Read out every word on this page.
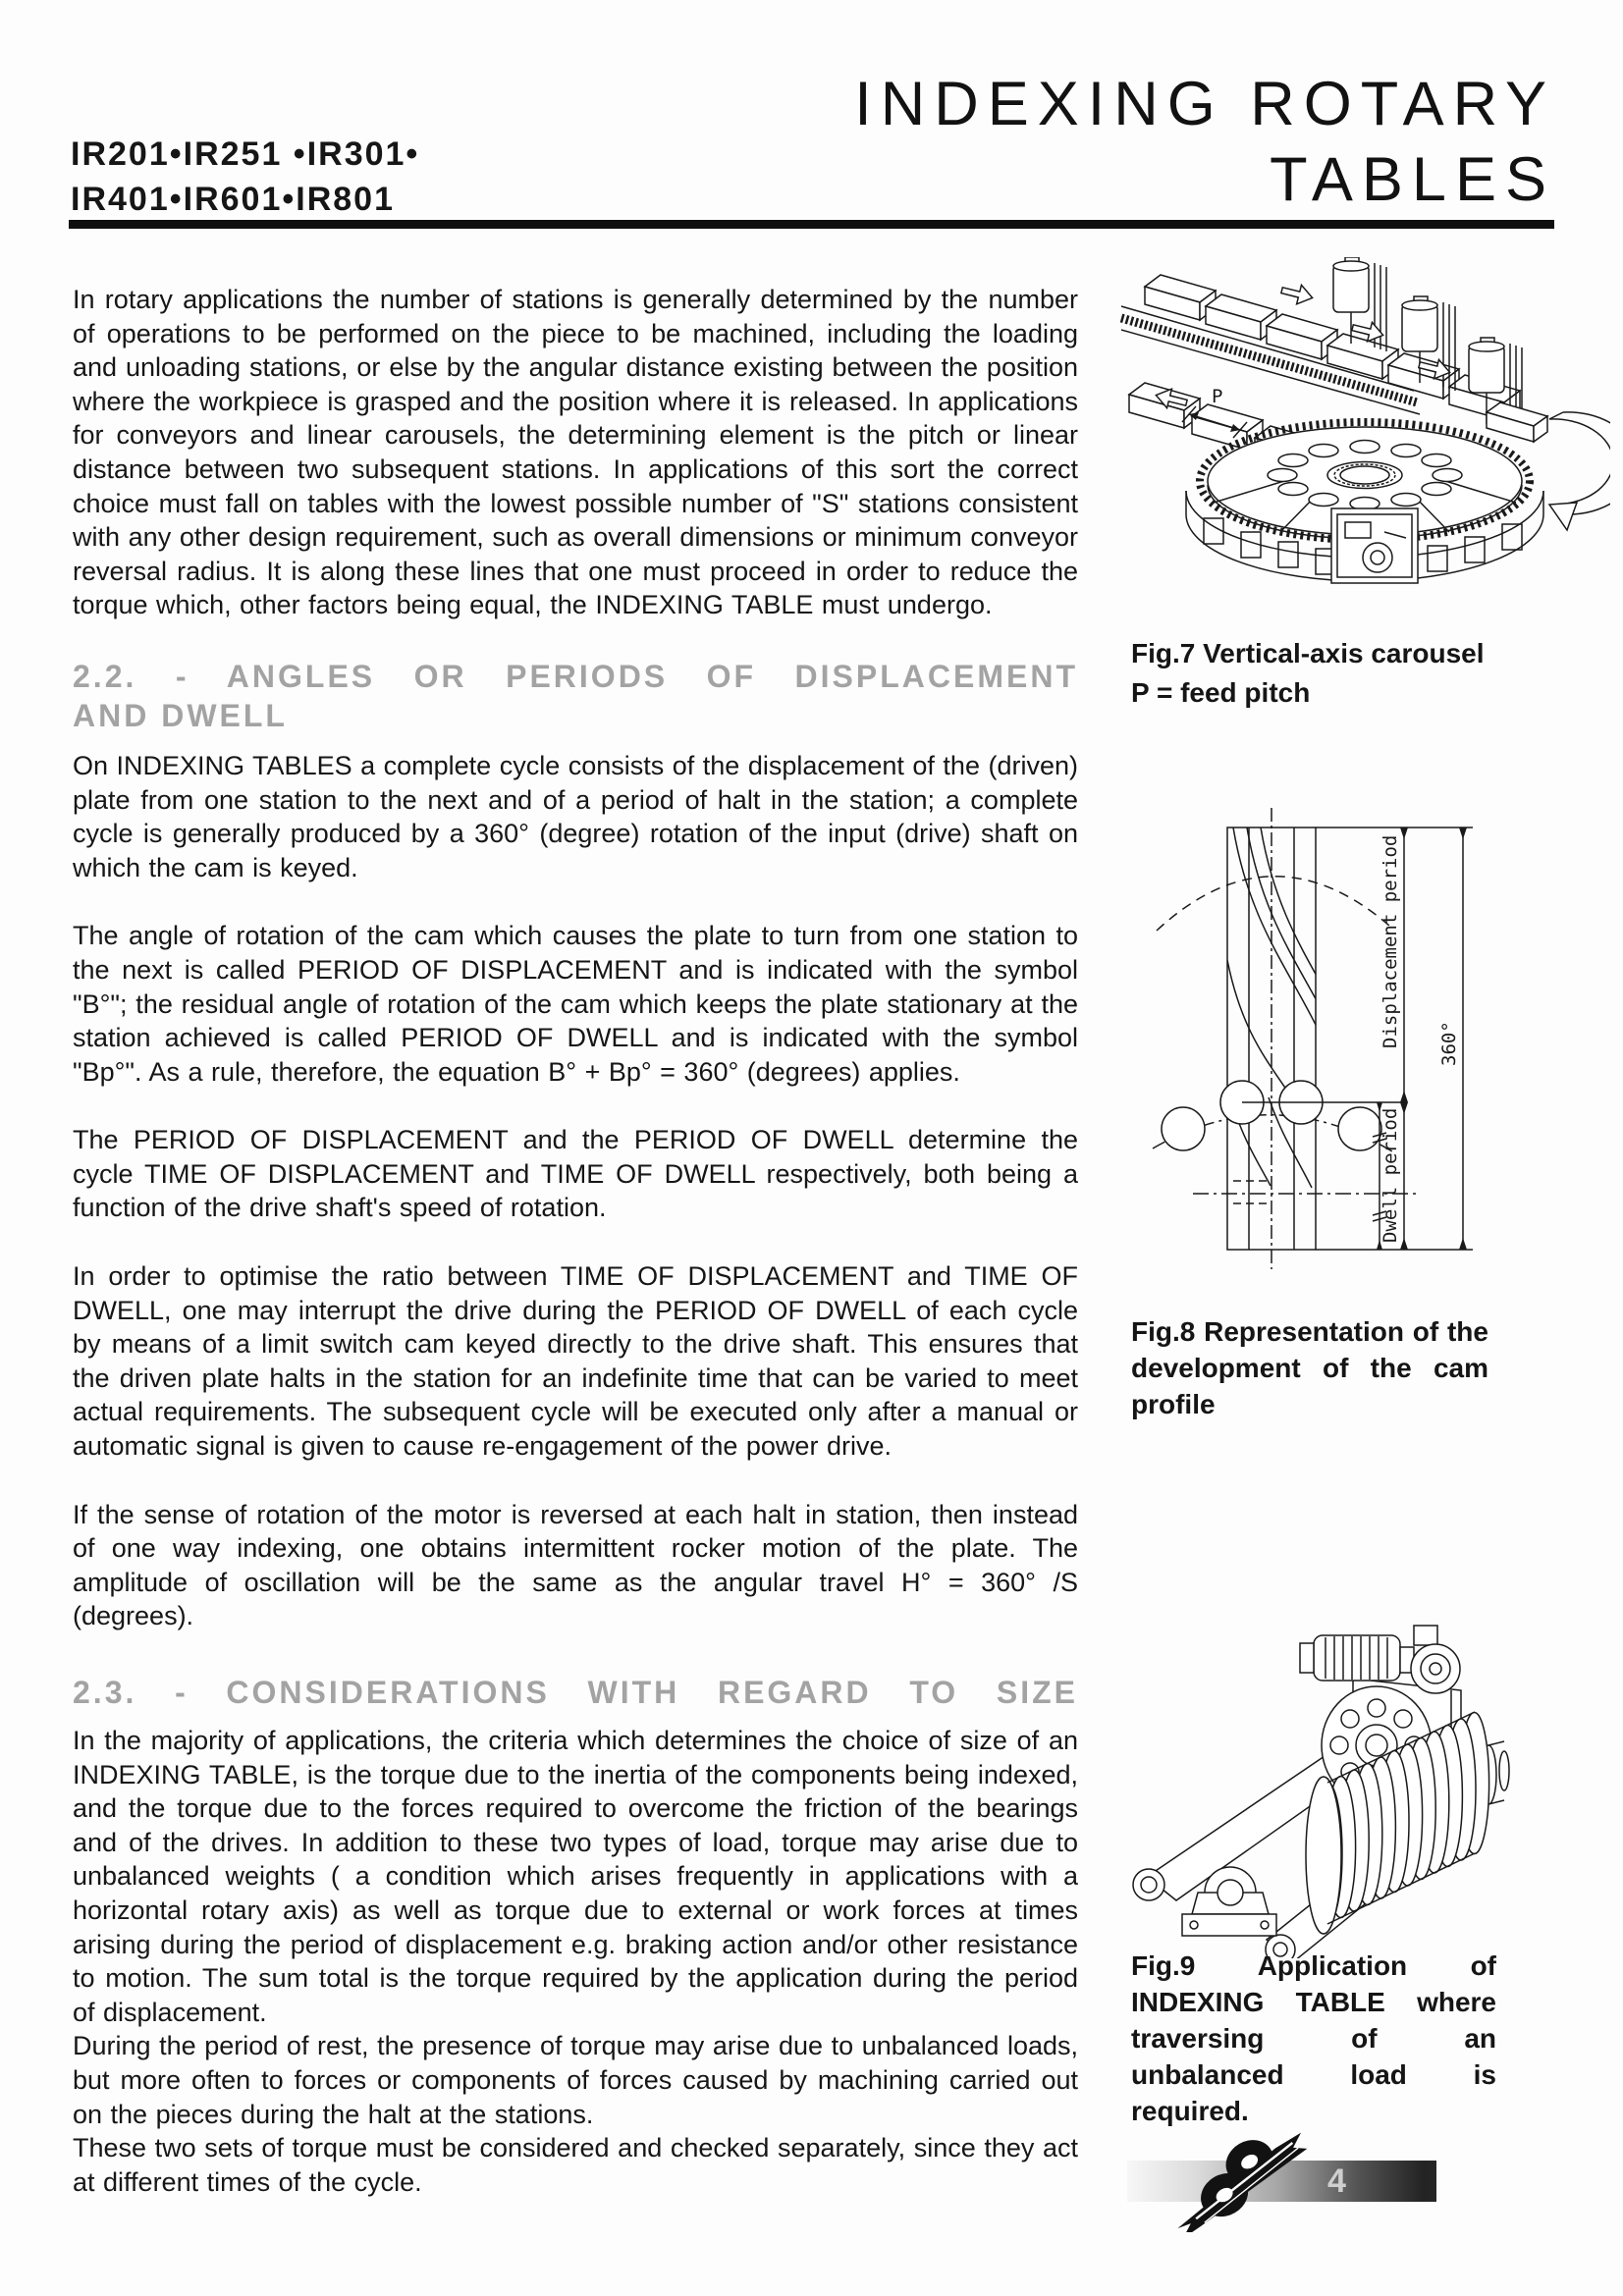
IR201•IR251 •IR301•
IR401•IR601•IR801
INDEXING ROTARY
TABLES

In rotary applications the number of stations is generally determined by the number of operations to be performed on the piece to be machined, including the loading and unloading stations, or else by the angular distance existing between the position where the workpiece is grasped and the position where it is released. In applications for conveyors and linear carousels, the determining element is the pitch or linear distance between two subsequent stations. In applications of this sort the correct choice must fall on tables with the lowest possible number of "S" stations consistent with any other design requirement, such as overall dimensions or minimum conveyor reversal radius. It is along these lines that one must proceed in order to reduce the torque which, other factors being equal, the INDEXING TABLE must undergo.

2.2. - ANGLES OR PERIODS OF DISPLACEMENT
AND DWELL

On INDEXING TABLES a complete cycle consists of the displacement of the (driven) plate from one station to the next and of a period of halt in the station; a complete cycle is generally produced by a 360° (degree) rotation of the input (drive) shaft on which the cam is keyed.

The angle of rotation of the cam which causes the plate to turn from one station to the next is called PERIOD OF DISPLACEMENT and is indicated with the symbol "B°"; the residual angle of rotation of the cam which keeps the plate stationary at the station achieved is called PERIOD OF DWELL and is indicated with the symbol "Bp°". As a rule, therefore, the equation B° + Bp° = 360° (degrees) applies.

The PERIOD OF DISPLACEMENT and the PERIOD OF DWELL determine the cycle TIME OF DISPLACEMENT and TIME OF DWELL respectively, both being a function of the drive shaft's speed of rotation.

In order to optimise the ratio between TIME OF DISPLACEMENT and TIME OF DWELL, one may interrupt the drive during the PERIOD OF DWELL of each cycle by means of a limit switch cam keyed directly to the drive shaft. This ensures that the driven plate halts in the station for an indefinite time that can be varied to meet actual requirements. The subsequent cycle will be executed only after a manual or automatic signal is given to cause re-engagement of the power drive.

If the sense of rotation of the motor is reversed at each halt in station, then instead of one way indexing, one obtains intermittent rocker motion of the plate. The amplitude of oscillation will be the same as the angular travel H° = 360° /S (degrees).

2.3. - CONSIDERATIONS WITH REGARD TO SIZE

In the majority of applications, the criteria which determines the choice of size of an INDEXING TABLE, is the torque due to the inertia of the components being indexed, and the torque due to the forces required to overcome the friction of the bearings and of the drives. In addition to these two types of load, torque may arise due to unbalanced weights ( a condition which arises frequently in applications with a horizontal rotary axis) as well as torque due to external or work forces at times arising during the period of displacement e.g. braking action and/or other resistance to motion. The sum total is the torque required by the application during the period of displacement.

During the period of rest, the presence of torque may arise due to unbalanced loads, but more often to forces or components of forces caused by machining carried out on the pieces during the halt at the stations.

These two sets of torque must be considered and checked separately, since they act at different times of the cycle.

P
Fig.7 Vertical-axis carousel
P = feed pitch
Displacement period
Dwell period
360°
Fig.8 Representation of the development of the cam profile
Fig.9 Application of INDEXING TABLE where traversing of an unbalanced load is required.
4
